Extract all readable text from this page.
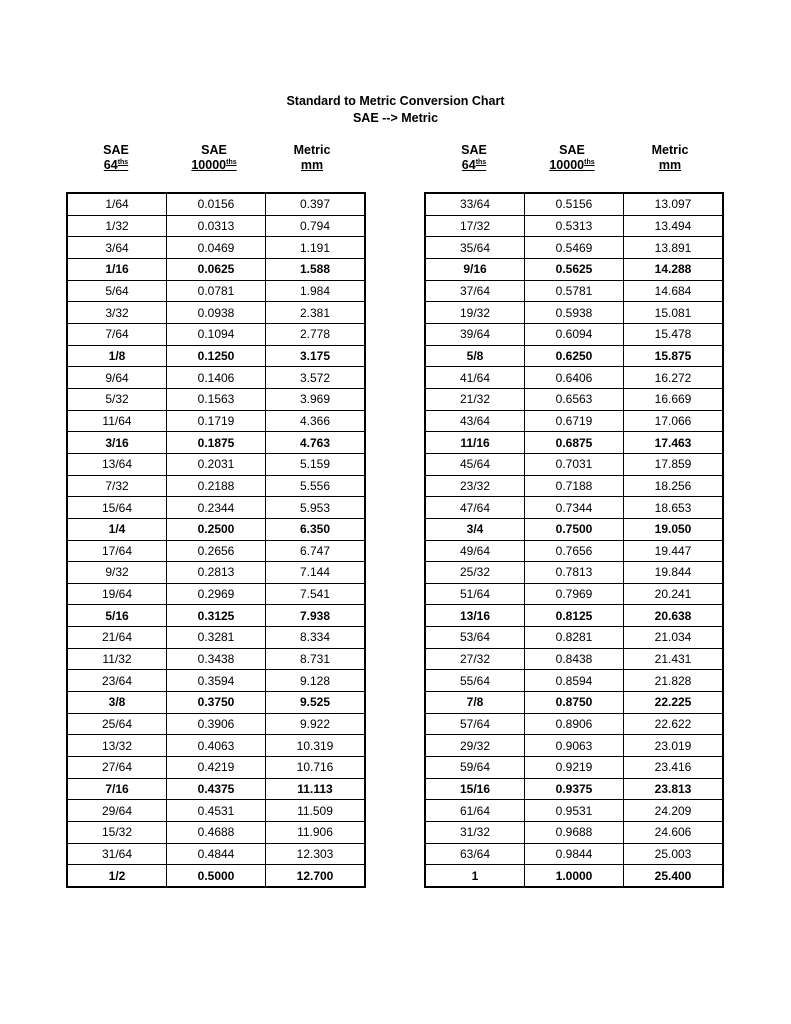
Standard to Metric Conversion Chart
SAE --> Metric
SAE
$64^{ths}$
SAE
$10000^{ths}$
Metric
mm
SAE
$64^{ths}$
SAE
$10000^{ths}$
Metric
mm
1/64	0.0156	0.397
1/32	0.0313	0.794
3/64	0.0469	1.191
1/16	0.0625	1.588
5/64	0.0781	1.984
3/32	0.0938	2.381
7/64	0.1094	2.778
1/8	0.1250	3.175
9/64	0.1406	3.572
5/32	0.1563	3.969
11/64	0.1719	4.366
3/16	0.1875	4.763
13/64	0.2031	5.159
7/32	0.2188	5.556
15/64	0.2344	5.953
1/4	0.2500	6.350
17/64	0.2656	6.747
9/32	0.2813	7.144
19/64	0.2969	7.541
5/16	0.3125	7.938
21/64	0.3281	8.334
11/32	0.3438	8.731
23/64	0.3594	9.128
3/8	0.3750	9.525
25/64	0.3906	9.922
13/32	0.4063	10.319
27/64	0.4219	10.716
7/16	0.4375	11.113
29/64	0.4531	11.509
15/32	0.4688	11.906
31/64	0.4844	12.303
1/2	0.5000	12.700
33/64	0.5156	13.097
17/32	0.5313	13.494
35/64	0.5469	13.891
9/16	0.5625	14.288
37/64	0.5781	14.684
19/32	0.5938	15.081
39/64	0.6094	15.478
5/8	0.6250	15.875
41/64	0.6406	16.272
21/32	0.6563	16.669
43/64	0.6719	17.066
11/16	0.6875	17.463
45/64	0.7031	17.859
23/32	0.7188	18.256
47/64	0.7344	18.653
3/4	0.7500	19.050
49/64	0.7656	19.447
25/32	0.7813	19.844
51/64	0.7969	20.241
13/16	0.8125	20.638
53/64	0.8281	21.034
27/32	0.8438	21.431
55/64	0.8594	21.828
7/8	0.8750	22.225
57/64	0.8906	22.622
29/32	0.9063	23.019
59/64	0.9219	23.416
15/16	0.9375	23.813
61/64	0.9531	24.209
31/32	0.9688	24.606
63/64	0.9844	25.003
1	1.0000	25.400
